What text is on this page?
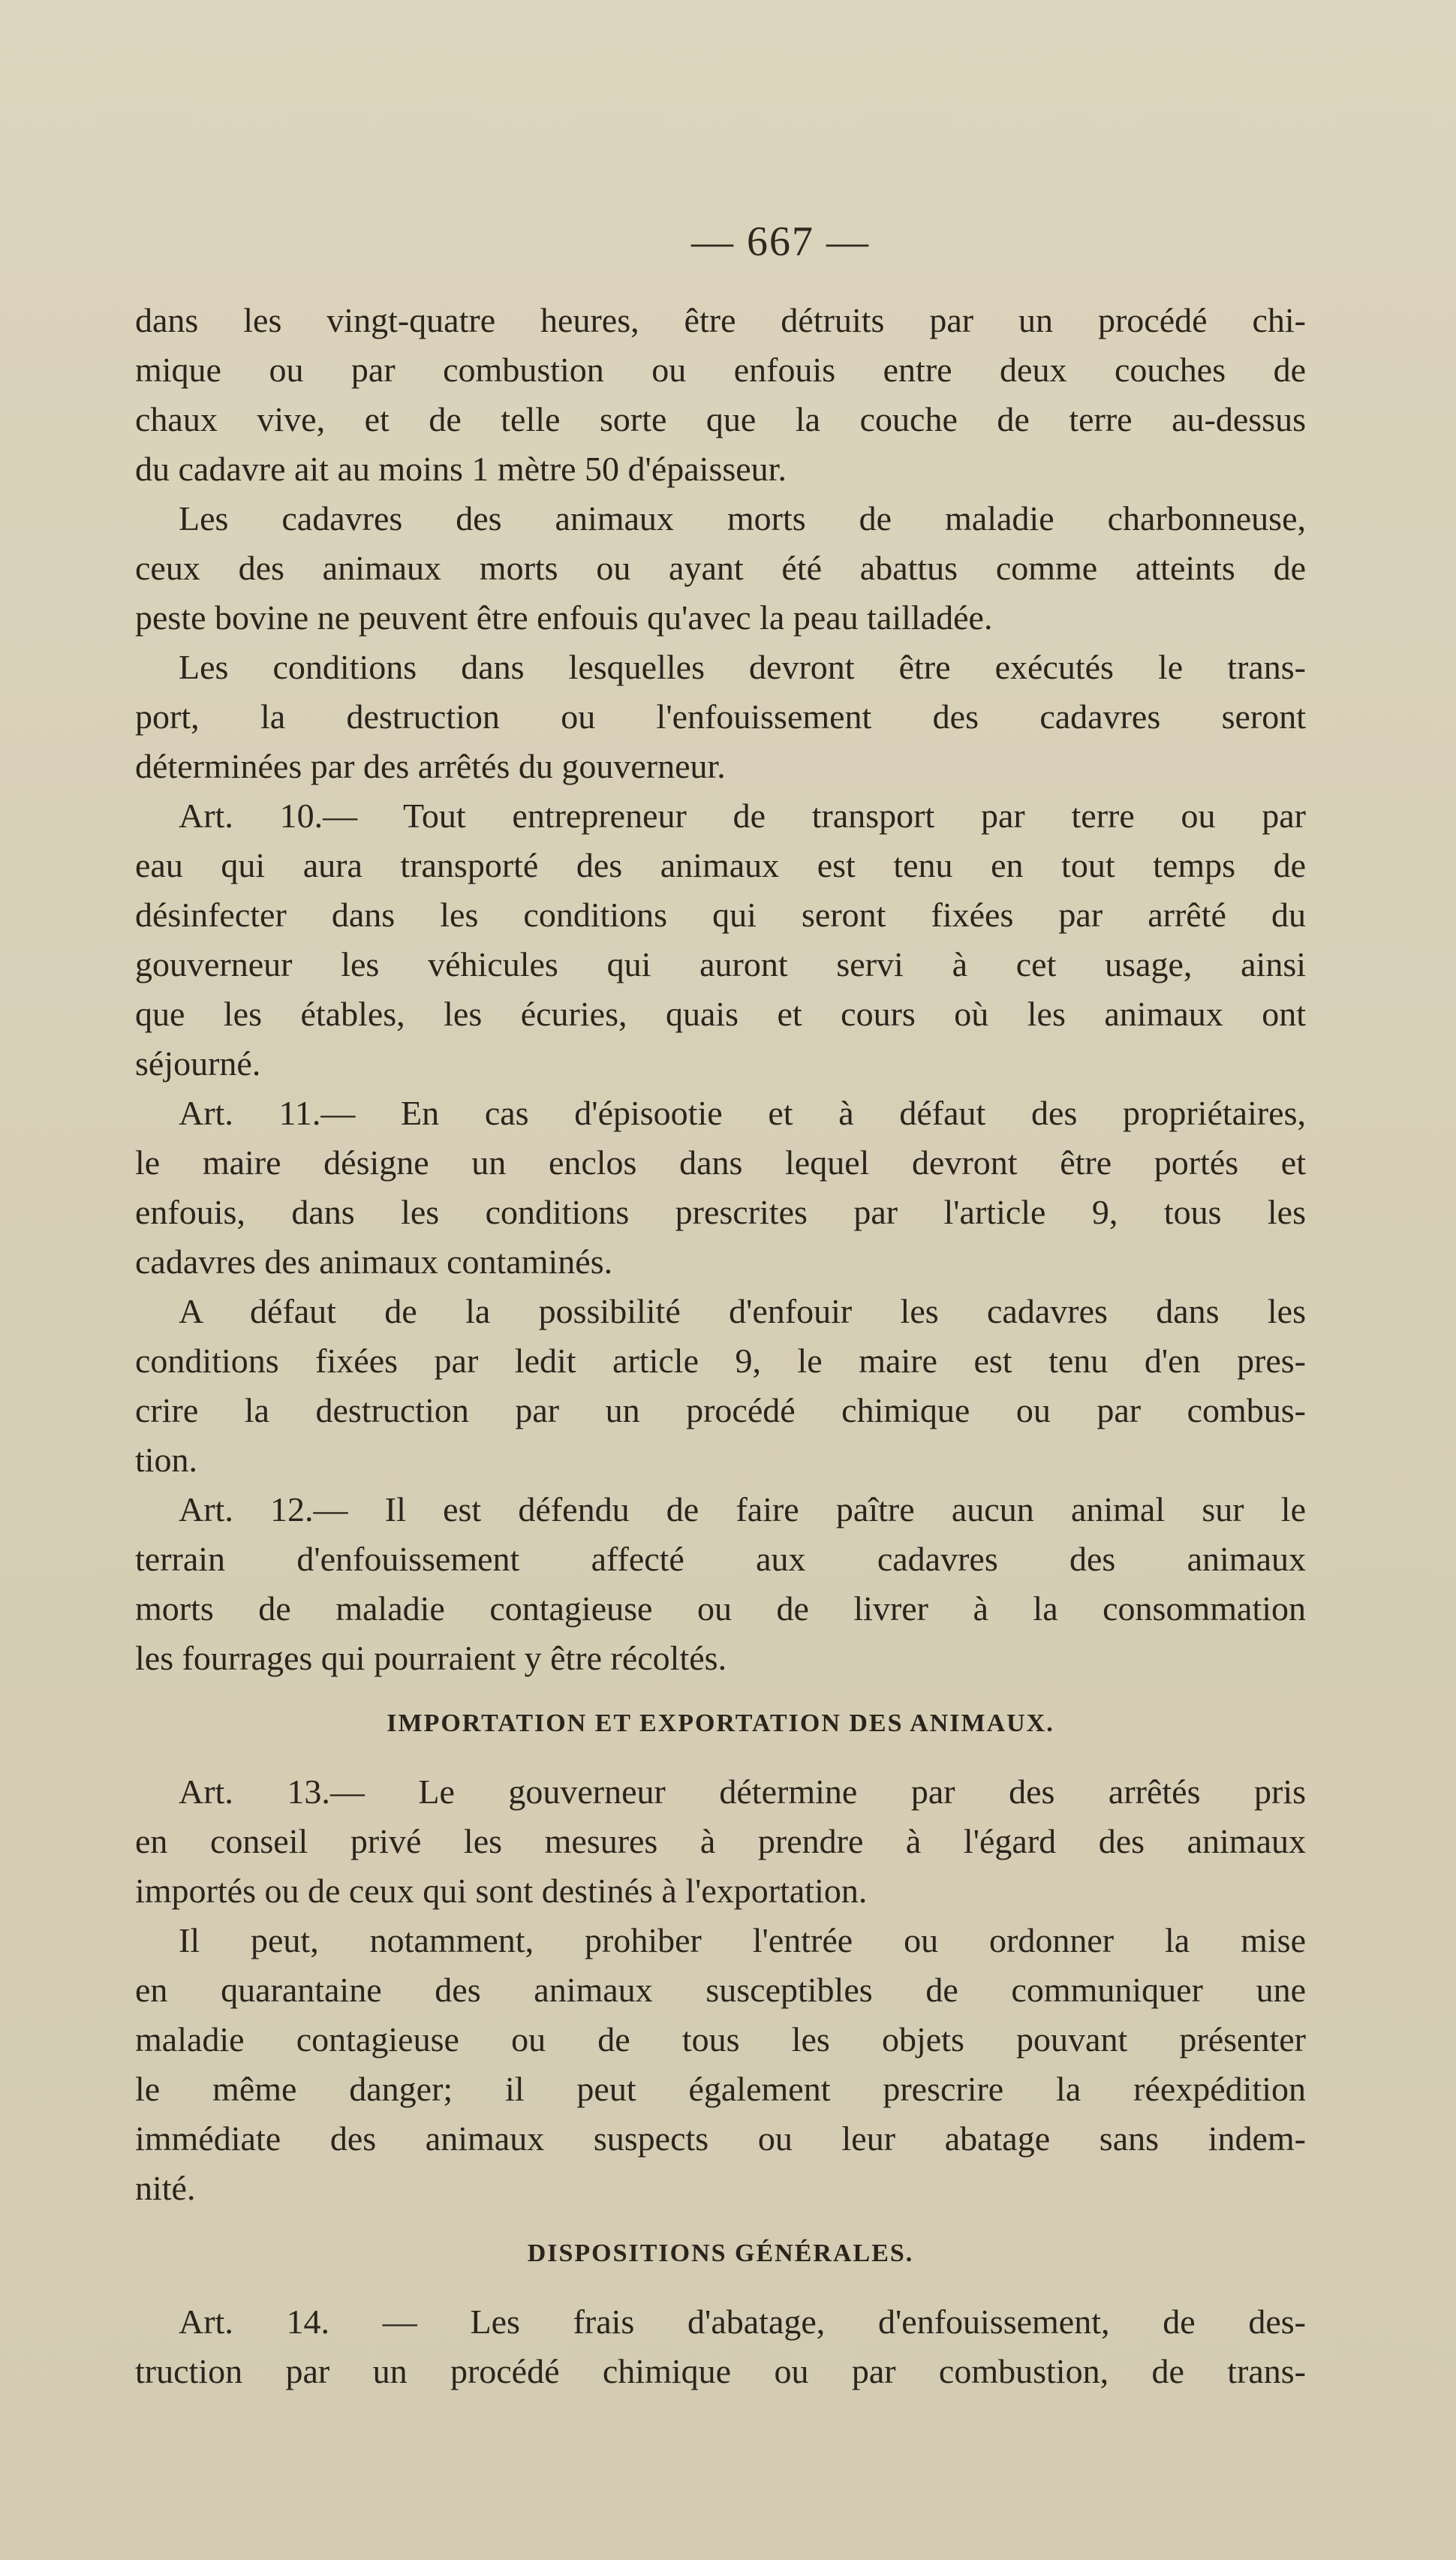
— 667 —

dans les vingt-quatre heures, être détruits par un procédé chi-
mique ou par combustion ou enfouis entre deux couches de
chaux vive, et de telle sorte que la couche de terre au-dessus
du cadavre ait au moins 1 mètre 50 d'épaisseur.

Les cadavres des animaux morts de maladie charbonneuse,
ceux des animaux morts ou ayant été abattus comme atteints de
peste bovine ne peuvent être enfouis qu'avec la peau tailladée.

Les conditions dans lesquelles devront être exécutés le trans-
port, la destruction ou l'enfouissement des cadavres seront
déterminées par des arrêtés du gouverneur.

Art. 10.— Tout entrepreneur de transport par terre ou par
eau qui aura transporté des animaux est tenu en tout temps de
désinfecter dans les conditions qui seront fixées par arrêté du
gouverneur les véhicules qui auront servi à cet usage, ainsi
que les étables, les écuries, quais et cours où les animaux ont
séjourné.

Art. 11.— En cas d'épisootie et à défaut des propriétaires,
le maire désigne un enclos dans lequel devront être portés et
enfouis, dans les conditions prescrites par l'article 9, tous les
cadavres des animaux contaminés.

A défaut de la possibilité d'enfouir les cadavres dans les
conditions fixées par ledit article 9, le maire est tenu d'en pres-
crire la destruction par un procédé chimique ou par combus-
tion.

Art. 12.— Il est défendu de faire paître aucun animal sur le
terrain d'enfouissement affecté aux cadavres des animaux
morts de maladie contagieuse ou de livrer à la consommation
les fourrages qui pourraient y être récoltés.

IMPORTATION ET EXPORTATION DES ANIMAUX.

Art. 13.— Le gouverneur détermine par des arrêtés pris
en conseil privé les mesures à prendre à l'égard des animaux
importés ou de ceux qui sont destinés à l'exportation.

Il peut, notamment, prohiber l'entrée ou ordonner la mise
en quarantaine des animaux susceptibles de communiquer une
maladie contagieuse ou de tous les objets pouvant présenter
le même danger; il peut également prescrire la réexpédition
immédiate des animaux suspects ou leur abatage sans indem-
nité.

DISPOSITIONS GÉNÉRALES.

Art. 14. — Les frais d'abatage, d'enfouissement, de des-
truction par un procédé chimique ou par combustion, de trans-
